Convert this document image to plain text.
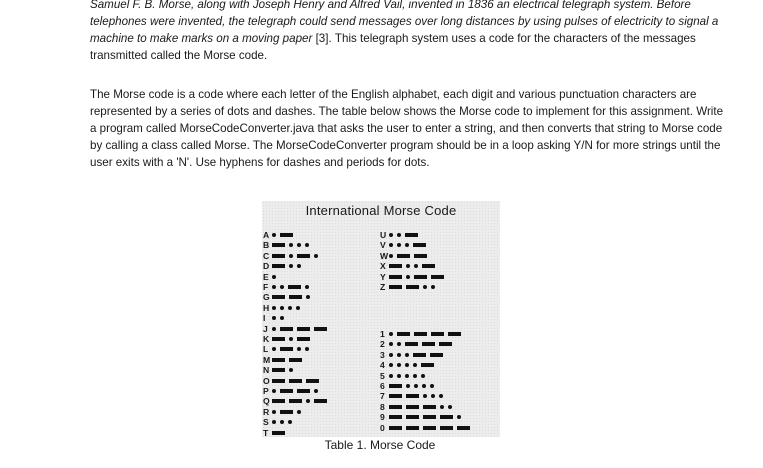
Samuel F. B. Morse, along with Joseph Henry and Alfred Vail, invented in 1836 an electrical telegraph system. Before telephones were invented, the telegraph could send messages over long distances by using pulses of electricity to signal a machine to make marks on a moving paper [3]. This telegraph system uses a code for the characters of the messages transmitted called the Morse code.

The Morse code is a code where each letter of the English alphabet, each digit and various punctuation characters are represented by a series of dots and dashes. The table below shows the Morse code to implement for this assignment. Write a program called MorseCodeConverter.java that asks the user to enter a string, and then converts that string to Morse code by calling a class called Morse. The MorseCodeConverter program should be in a loop asking Y/N for more strings until the user exits with a 'N'. Use hyphens for dashes and periods for dots.

International Morse Code
A
B
C
D
E
F
G
H
I
J
K
L
M
N
O
P
Q
R
S
T
U
V
W
X
Y
Z
1
2
3
4
5
6
7
8
9
0
Table 1. Morse Code
